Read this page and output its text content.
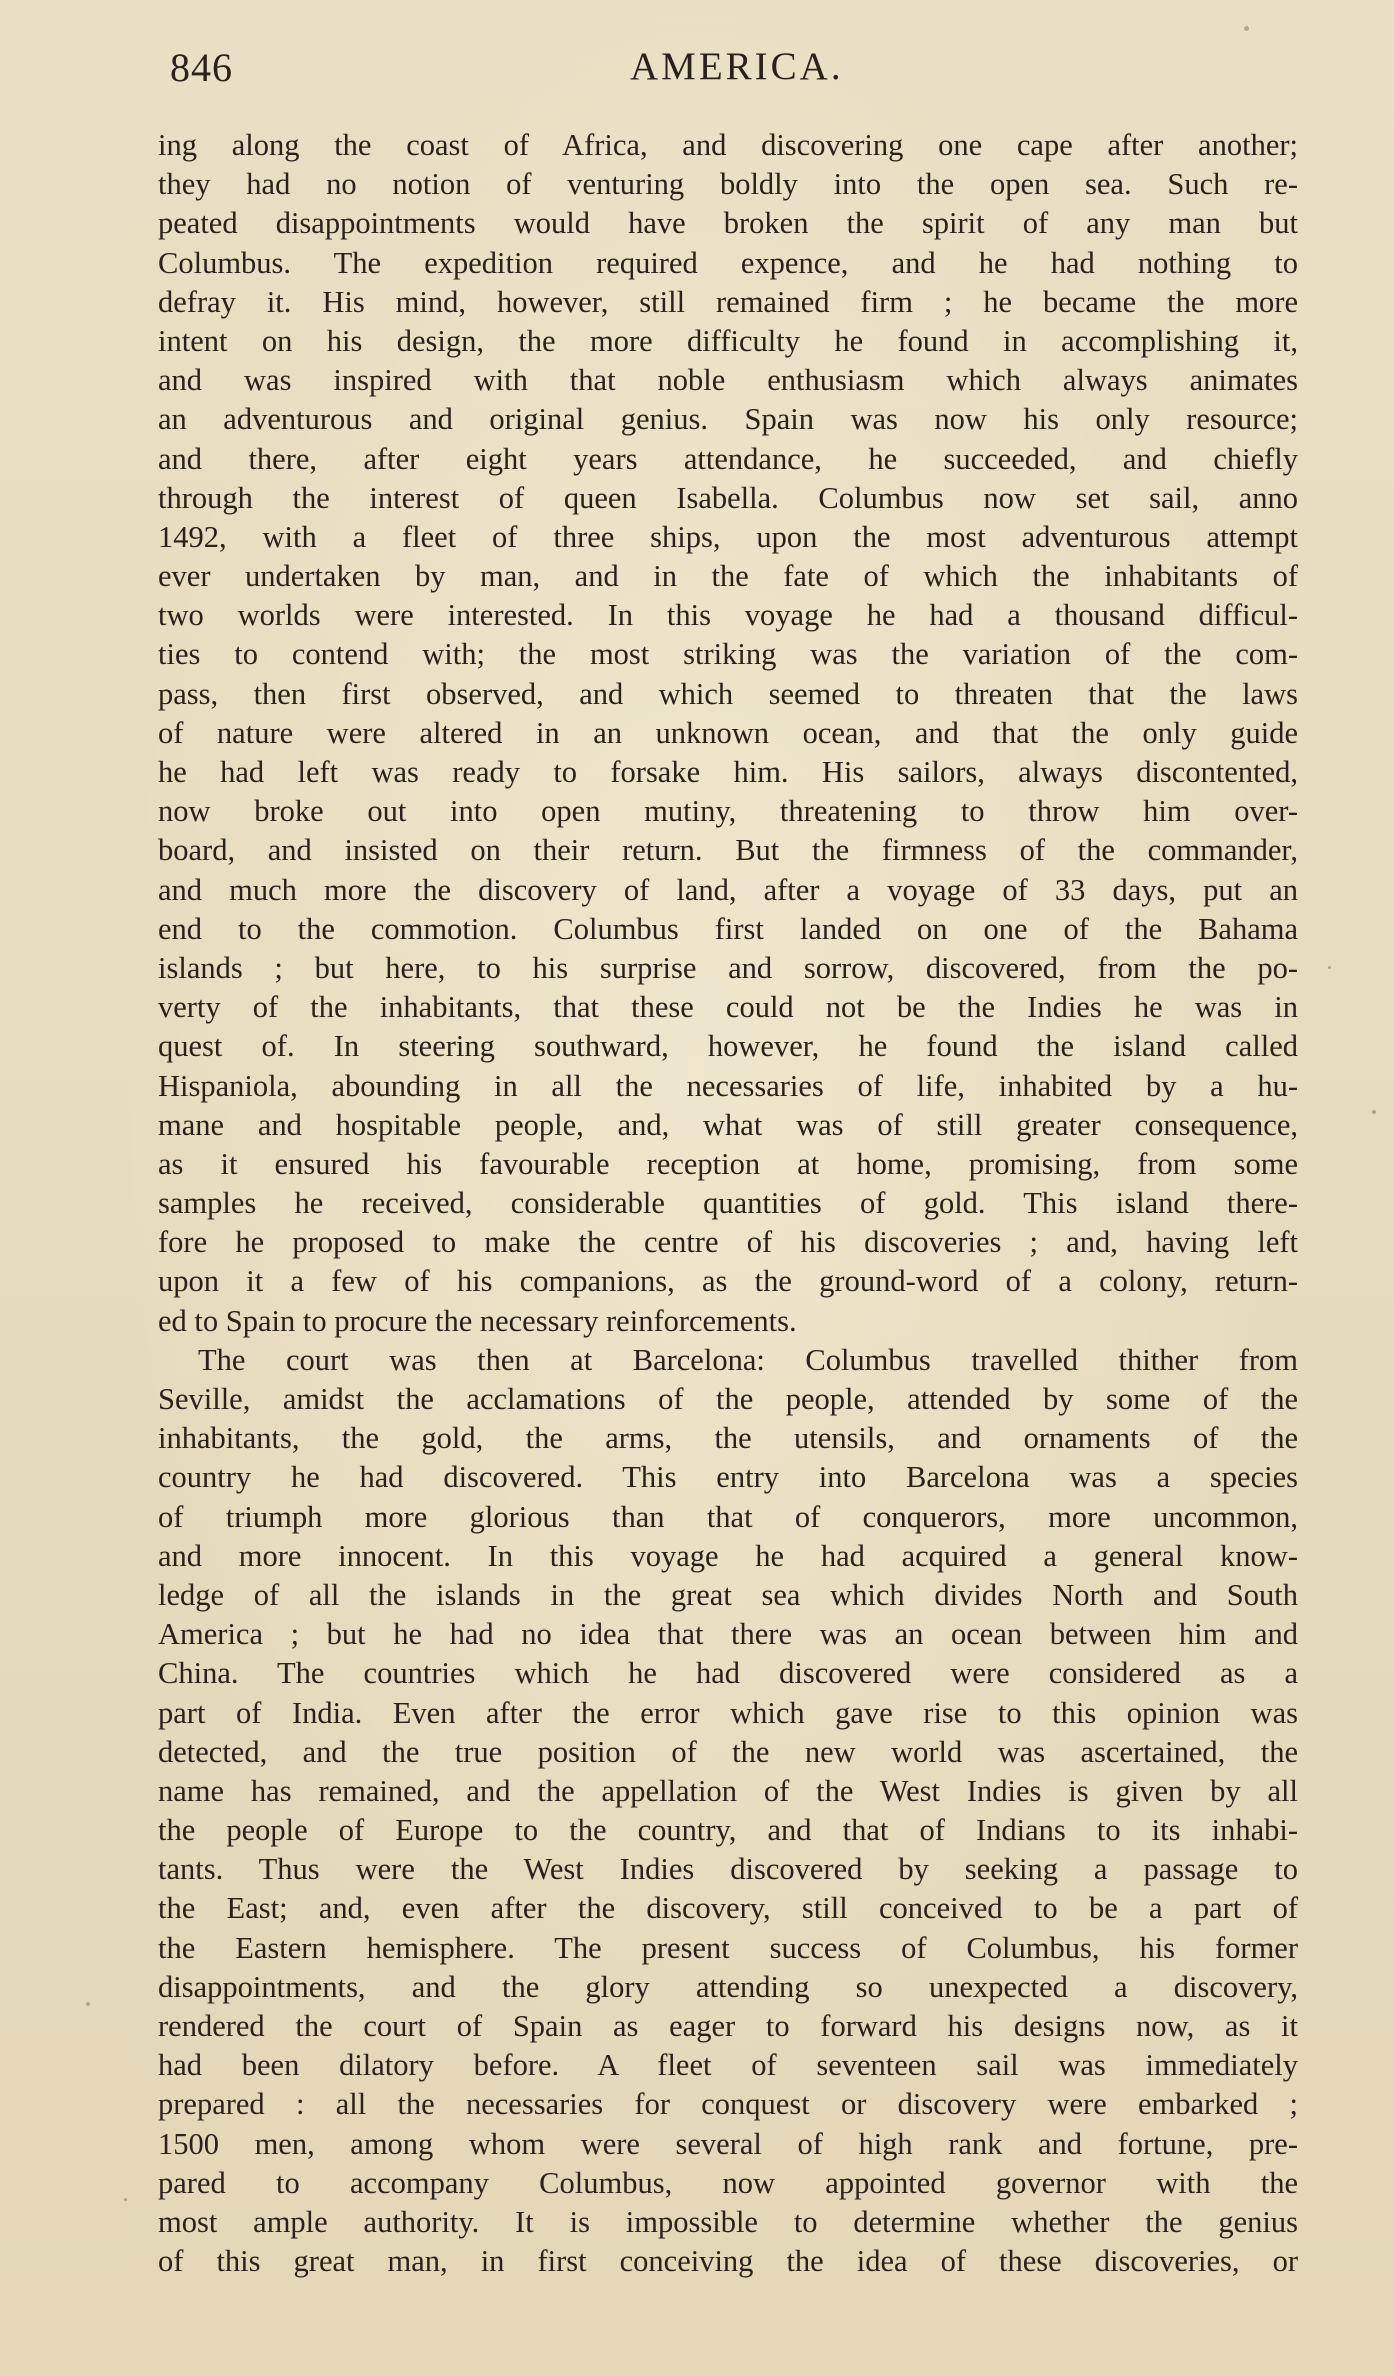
846	AMERICA.
ing along the coast of Africa, and discovering one cape after another;
they had no notion of venturing boldly into the open sea. Such re-
peated disappointments would have broken the spirit of any man but
Columbus. The expedition required expence, and he had nothing to
defray it. His mind, however, still remained firm ; he became the more
intent on his design, the more difficulty he found in accomplishing it,
and was inspired with that noble enthusiasm which always animates
an adventurous and original genius. Spain was now his only resource;
and there, after eight years attendance, he succeeded, and chiefly
through the interest of queen Isabella. Columbus now set sail, anno
1492, with a fleet of three ships, upon the most adventurous attempt
ever undertaken by man, and in the fate of which the inhabitants of
two worlds were interested. In this voyage he had a thousand difficul-
ties to contend with; the most striking was the variation of the com-
pass, then first observed, and which seemed to threaten that the laws
of nature were altered in an unknown ocean, and that the only guide
he had left was ready to forsake him. His sailors, always discontented,
now broke out into open mutiny, threatening to throw him over-
board, and insisted on their return. But the firmness of the commander,
and much more the discovery of land, after a voyage of 33 days, put an
end to the commotion. Columbus first landed on one of the Bahama
islands ; but here, to his surprise and sorrow, discovered, from the po-
verty of the inhabitants, that these could not be the Indies he was in
quest of. In steering southward, however, he found the island called
Hispaniola, abounding in all the necessaries of life, inhabited by a hu-
mane and hospitable people, and, what was of still greater consequence,
as it ensured his favourable reception at home, promising, from some
samples he received, considerable quantities of gold. This island there-
fore he proposed to make the centre of his discoveries ; and, having left
upon it a few of his companions, as the ground-word of a colony, return-
ed to Spain to procure the necessary reinforcements.
The court was then at Barcelona: Columbus travelled thither from
Seville, amidst the acclamations of the people, attended by some of the
inhabitants, the gold, the arms, the utensils, and ornaments of the
country he had discovered. This entry into Barcelona was a species
of triumph more glorious than that of conquerors, more uncommon,
and more innocent. In this voyage he had acquired a general know-
ledge of all the islands in the great sea which divides North and South
America ; but he had no idea that there was an ocean between him and
China. The countries which he had discovered were considered as a
part of India. Even after the error which gave rise to this opinion was
detected, and the true position of the new world was ascertained, the
name has remained, and the appellation of the West Indies is given by all
the people of Europe to the country, and that of Indians to its inhabi-
tants. Thus were the West Indies discovered by seeking a passage to
the East; and, even after the discovery, still conceived to be a part of
the Eastern hemisphere. The present success of Columbus, his former
disappointments, and the glory attending so unexpected a discovery,
rendered the court of Spain as eager to forward his designs now, as it
had been dilatory before. A fleet of seventeen sail was immediately
prepared : all the necessaries for conquest or discovery were embarked ;
1500 men, among whom were several of high rank and fortune, pre-
pared to accompany Columbus, now appointed governor with the
most ample authority. It is impossible to determine whether the genius
of this great man, in first conceiving the idea of these discoveries, or
